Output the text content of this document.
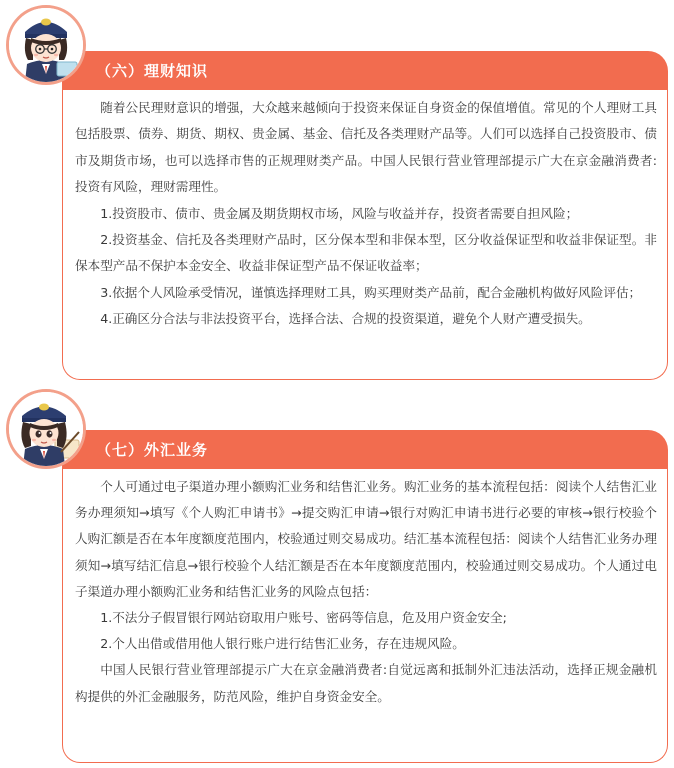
（六）理财知识

随着公民理财意识的增强，大众越来越倾向于投资来保证自身资金的保值增值。常见的个人理财工具包括股票、债券、期货、期权、贵金属、基金、信托及各类理财产品等。人们可以选择自己投资股市、债市及期货市场，也可以选择市售的正规理财类产品。中国人民银行营业管理部提示广大在京金融消费者:投资有风险，理财需理性。

1.投资股市、债市、贵金属及期货期权市场，风险与收益并存，投资者需要自担风险；

2.投资基金、信托及各类理财产品时，区分保本型和非保本型，区分收益保证型和收益非保证型。非保本型产品不保护本金安全、收益非保证型产品不保证收益率；

3.依据个人风险承受情况，谨慎选择理财工具，购买理财类产品前，配合金融机构做好风险评估；

4.正确区分合法与非法投资平台，选择合法、合规的投资渠道，避免个人财产遭受损失。

（七）外汇业务

个人可通过电子渠道办理小额购汇业务和结售汇业务。购汇业务的基本流程包括：阅读个人结售汇业务办理须知→填写《个人购汇申请书》→提交购汇申请→银行对购汇申请书进行必要的审核→银行校验个人购汇额是否在本年度额度范围内，校验通过则交易成功。结汇基本流程包括：阅读个人结售汇业务办理须知→填写结汇信息→银行校验个人结汇额是否在本年度额度范围内，校验通过则交易成功。个人通过电子渠道办理小额购汇业务和结售汇业务的风险点包括：

1.不法分子假冒银行网站窃取用户账号、密码等信息，危及用户资金安全;

2.个人出借或借用他人银行账户进行结售汇业务，存在违规风险。

中国人民银行营业管理部提示广大在京金融消费者:自觉远离和抵制外汇违法活动，选择正规金融机构提供的外汇金融服务，防范风险，维护自身资金安全。
